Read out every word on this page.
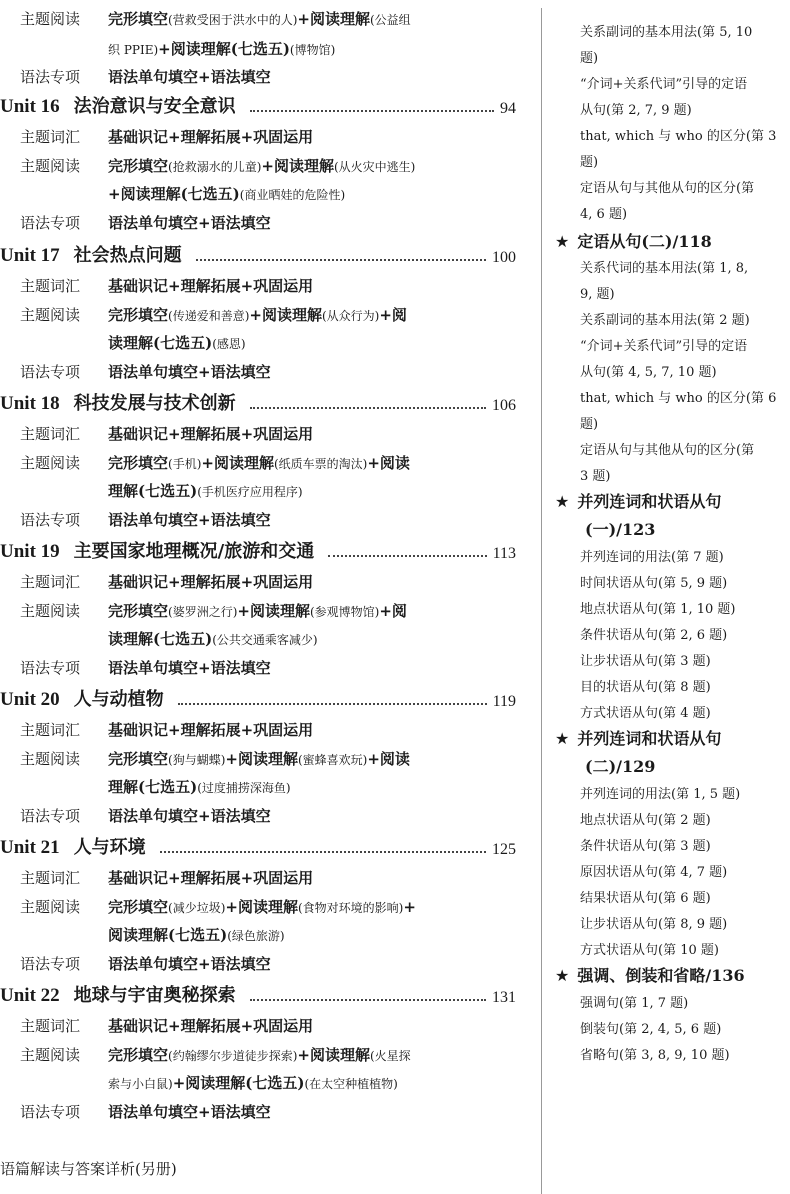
主题阅读 完形填空(营救受困于洪水中的人)+阅读理解(公益组
织 PPIE)+阅读理解(七选五)(博物馆)
语法专项 语法单句填空+语法填空
Unit 16 法治意识与安全意识	94
主题词汇 基础识记+理解拓展+巩固运用
主题阅读 完形填空(抢救溺水的儿童)+阅读理解(从火灾中逃生)
+阅读理解(七选五)(商业晒娃的危险性)
语法专项 语法单句填空+语法填空
Unit 17 社会热点问题	100
主题词汇 基础识记+理解拓展+巩固运用
主题阅读 完形填空(传递爱和善意)+阅读理解(从众行为)+阅
读理解(七选五)(感恩)
语法专项 语法单句填空+语法填空
Unit 18 科技发展与技术创新	106
主题词汇 基础识记+理解拓展+巩固运用
主题阅读 完形填空(手机)+阅读理解(纸质车票的淘汰)+阅读
理解(七选五)(手机医疗应用程序)
语法专项 语法单句填空+语法填空
Unit 19 主要国家地理概况/旅游和交通	113
主题词汇 基础识记+理解拓展+巩固运用
主题阅读 完形填空(婆罗洲之行)+阅读理解(参观博物馆)+阅
读理解(七选五)(公共交通乘客减少)
语法专项 语法单句填空+语法填空
Unit 20 人与动植物	119
主题词汇 基础识记+理解拓展+巩固运用
主题阅读 完形填空(狗与蝴蝶)+阅读理解(蜜蜂喜欢玩)+阅读
理解(七选五)(过度捕捞深海鱼)
语法专项 语法单句填空+语法填空
Unit 21 人与环境	125
主题词汇 基础识记+理解拓展+巩固运用
主题阅读 完形填空(减少垃圾)+阅读理解(食物对环境的影响)+
阅读理解(七选五)(绿色旅游)
语法专项 语法单句填空+语法填空
Unit 22 地球与宇宙奥秘探索	131
主题词汇 基础识记+理解拓展+巩固运用
主题阅读 完形填空(约翰缪尔步道徒步探索)+阅读理解(火星探
索与小白鼠)+阅读理解(七选五)(在太空种植植物)
语法专项 语法单句填空+语法填空
语篇解读与答案详析(另册)
关系副词的基本用法(第 5, 10
题)
“介词+关系代词”引导的定语
从句(第 2, 7, 9 题)
that, which 与 who 的区分(第 3
题)
定语从句与其他从句的区分(第
4, 6 题)
★ 定语从句(二)/118
关系代词的基本用法(第 1, 8,
9, 题)
关系副词的基本用法(第 2 题)
“介词+关系代词”引导的定语
从句(第 4, 5, 7, 10 题)
that, which 与 who 的区分(第 6
题)
定语从句与其他从句的区分(第
3 题)
★ 并列连词和状语从句
(一)/123
并列连词的用法(第 7 题)
时间状语从句(第 5, 9 题)
地点状语从句(第 1, 10 题)
条件状语从句(第 2, 6 题)
让步状语从句(第 3 题)
目的状语从句(第 8 题)
方式状语从句(第 4 题)
★ 并列连词和状语从句
(二)/129
并列连词的用法(第 1, 5 题)
地点状语从句(第 2 题)
条件状语从句(第 3 题)
原因状语从句(第 4, 7 题)
结果状语从句(第 6 题)
让步状语从句(第 8, 9 题)
方式状语从句(第 10 题)
★ 强调、倒装和省略/136
强调句(第 1, 7 题)
倒装句(第 2, 4, 5, 6 题)
省略句(第 3, 8, 9, 10 题)
